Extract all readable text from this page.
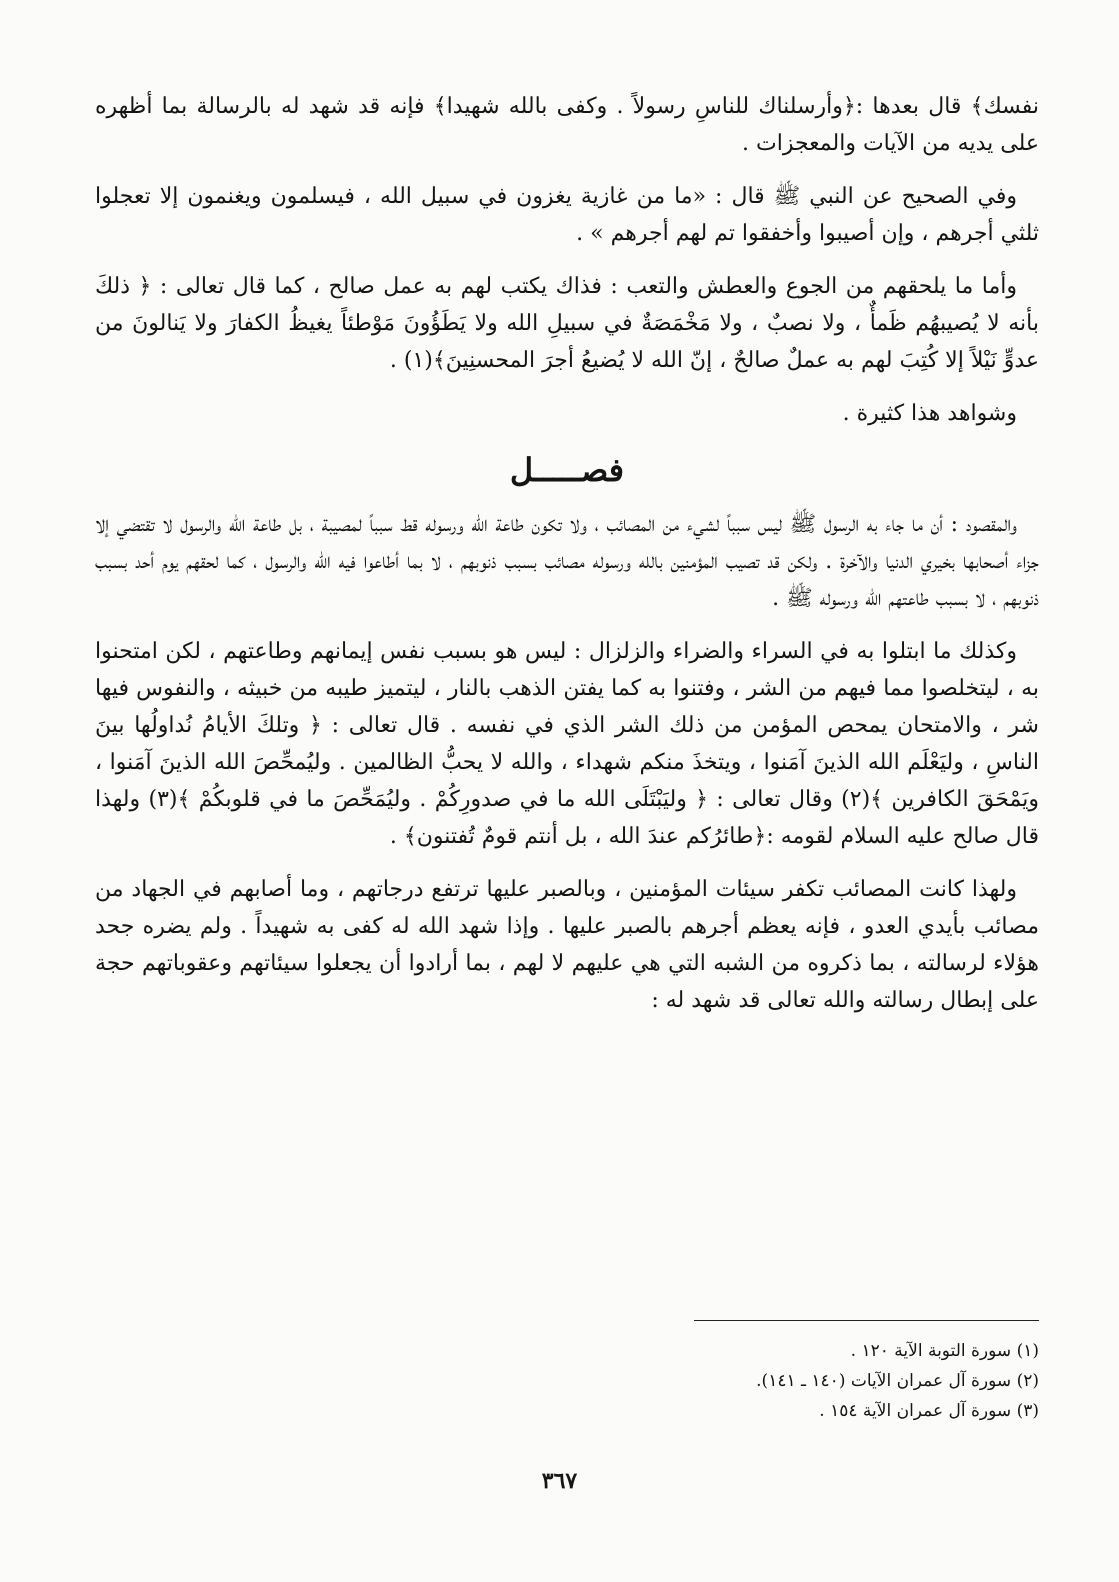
نفسك﴾ قال بعدها :﴿وأرسلناك للناسِ رسولاً . وكفى بالله شهيدا﴾ فإنه قد شهد له بالرسالة بما أظهره على يديه من الآيات والمعجزات .

وفي الصحيح عن النبي ﷺ قال : «ما من غازية يغزون في سبيل الله ، فيسلمون ويغنمون إلا تعجلوا ثلثي أجرهم ، وإن أصيبوا وأخفقوا تم لهم أجرهم » .

وأما ما يلحقهم من الجوع والعطش والتعب : فذاك يكتب لهم به عمل صالح ، كما قال تعالى : ﴿ ذلكَ بأنه لا يُصيبهُم ظَمأٌ ، ولا نصبٌ ، ولا مَخْمَصَةٌ في سبيلِ الله ولا يَطَؤُونَ مَوْطئاً يغيظُ الكفارَ ولا يَنالونَ من عدوٍّ نَيْلاً إلا كُتِبَ لهم به عملٌ صالحٌ ، إنّ الله لا يُضيعُ أجرَ المحسنِينَ﴾(١) .

وشواهد هذا كثيرة .

فصـــــل

والمقصود : أن ما جاء به الرسول ﷺ ليس سبباً لشيء من المصائب ، ولا تكون طاعة الله ورسوله قط سبباً لمصيبة ، بل طاعة الله والرسول لا تقتضي إلا جزاء أصحابها بخيري الدنيا والآخرة . ولكن قد تصيب المؤمنين بالله ورسوله مصائب بسبب ذنوبهم ، لا بما أطاعوا فيه الله والرسول ، كما لحقهم يوم أحد بسبب ذنوبهم ، لا بسبب طاعتهم الله ورسوله ﷺ .

وكذلك ما ابتلوا به في السراء والضراء والزلزال : ليس هو بسبب نفس إيمانهم وطاعتهم ، لكن امتحنوا به ، ليتخلصوا مما فيهم من الشر ، وفتنوا به كما يفتن الذهب بالنار ، ليتميز طيبه من خبيثه ، والنفوس فيها شر ، والامتحان يمحص المؤمن من ذلك الشر الذي في نفسه . قال تعالى : ﴿ وتلكَ الأيامُ نُداولُها بينَ الناسِ ، وليَعْلَم الله الذينَ آمَنوا ، ويتخذَ منكم شهداء ، والله لا يحبُّ الظالمين . وليُمحِّصَ الله الذينَ آمَنوا ، ويَمْحَقَ الكافرين ﴾(٢) وقال تعالى : ﴿ وليَبْتَلَى الله ما في صدورِكُمْ . وليُمَحِّصَ ما في قلوبكُمْ ﴾(٣) ولهذا قال صالح عليه السلام لقومه :﴿طائرُكم عندَ الله ، بل أنتم قومٌ تُفتنون﴾ .

ولهذا كانت المصائب تكفر سيئات المؤمنين ، وبالصبر عليها ترتفع درجاتهم ، وما أصابهم في الجهاد من مصائب بأيدي العدو ، فإنه يعظم أجرهم بالصبر عليها . وإذا شهد الله له كفى به شهيداً . ولم يضره جحد هؤلاء لرسالته ، بما ذكروه من الشبه التي هي عليهم لا لهم ، بما أرادوا أن يجعلوا سيئاتهم وعقوباتهم حجة على إبطال رسالته والله تعالى قد شهد له :

(١) سورة التوبة الآية ١٢٠ .

(٢) سورة آل عمران الآيات (١٤٠ ـ ١٤١).

(٣) سورة آل عمران الآية ١٥٤ .

٣٦٧
